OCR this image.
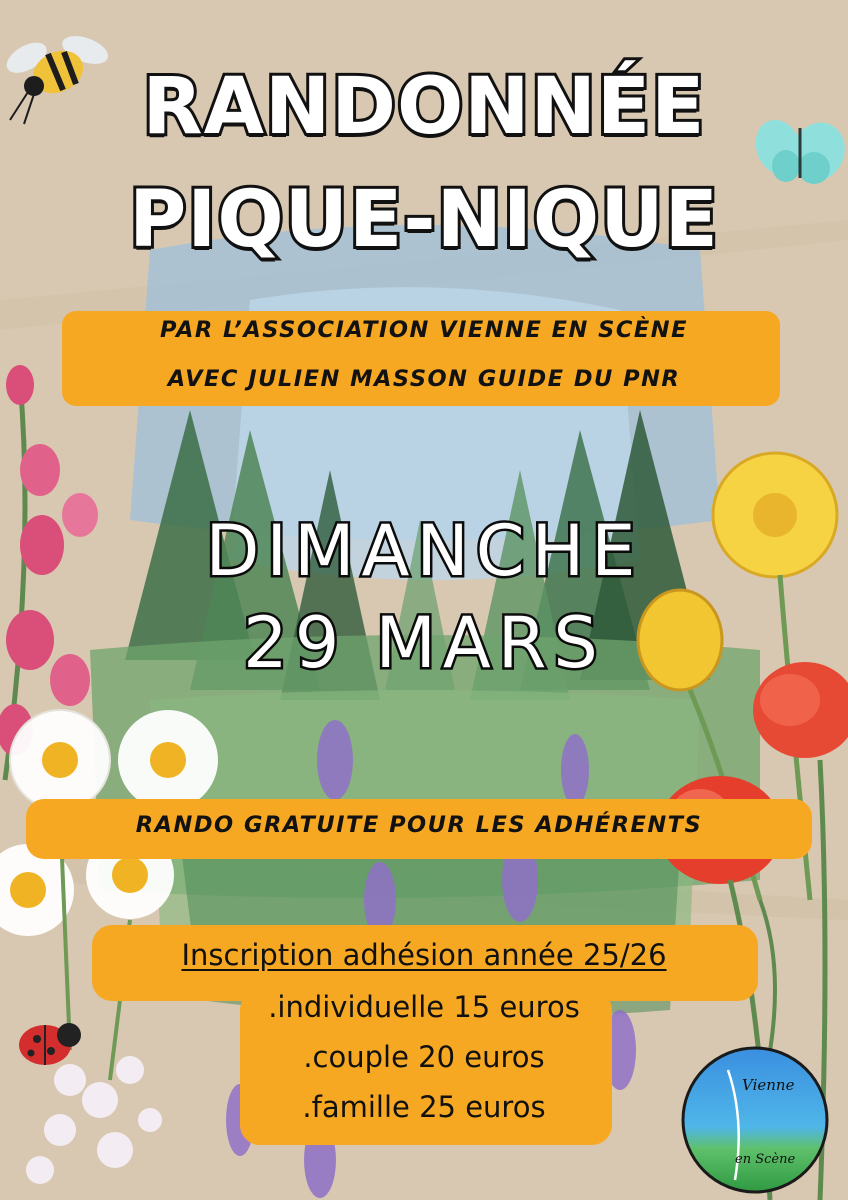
RANDONNÉE
PIQUE-NIQUE
PAR L’ASSOCIATION VIENNE EN SCÈNE
AVEC JULIEN MASSON GUIDE DU PNR
DIMANCHE
29 MARS
RANDO GRATUITE POUR LES ADHÉRENTS
Inscription adhésion année 25/26
.individuelle 15 euros
.couple 20 euros
.famille 25 euros
Vienne
en Scène
